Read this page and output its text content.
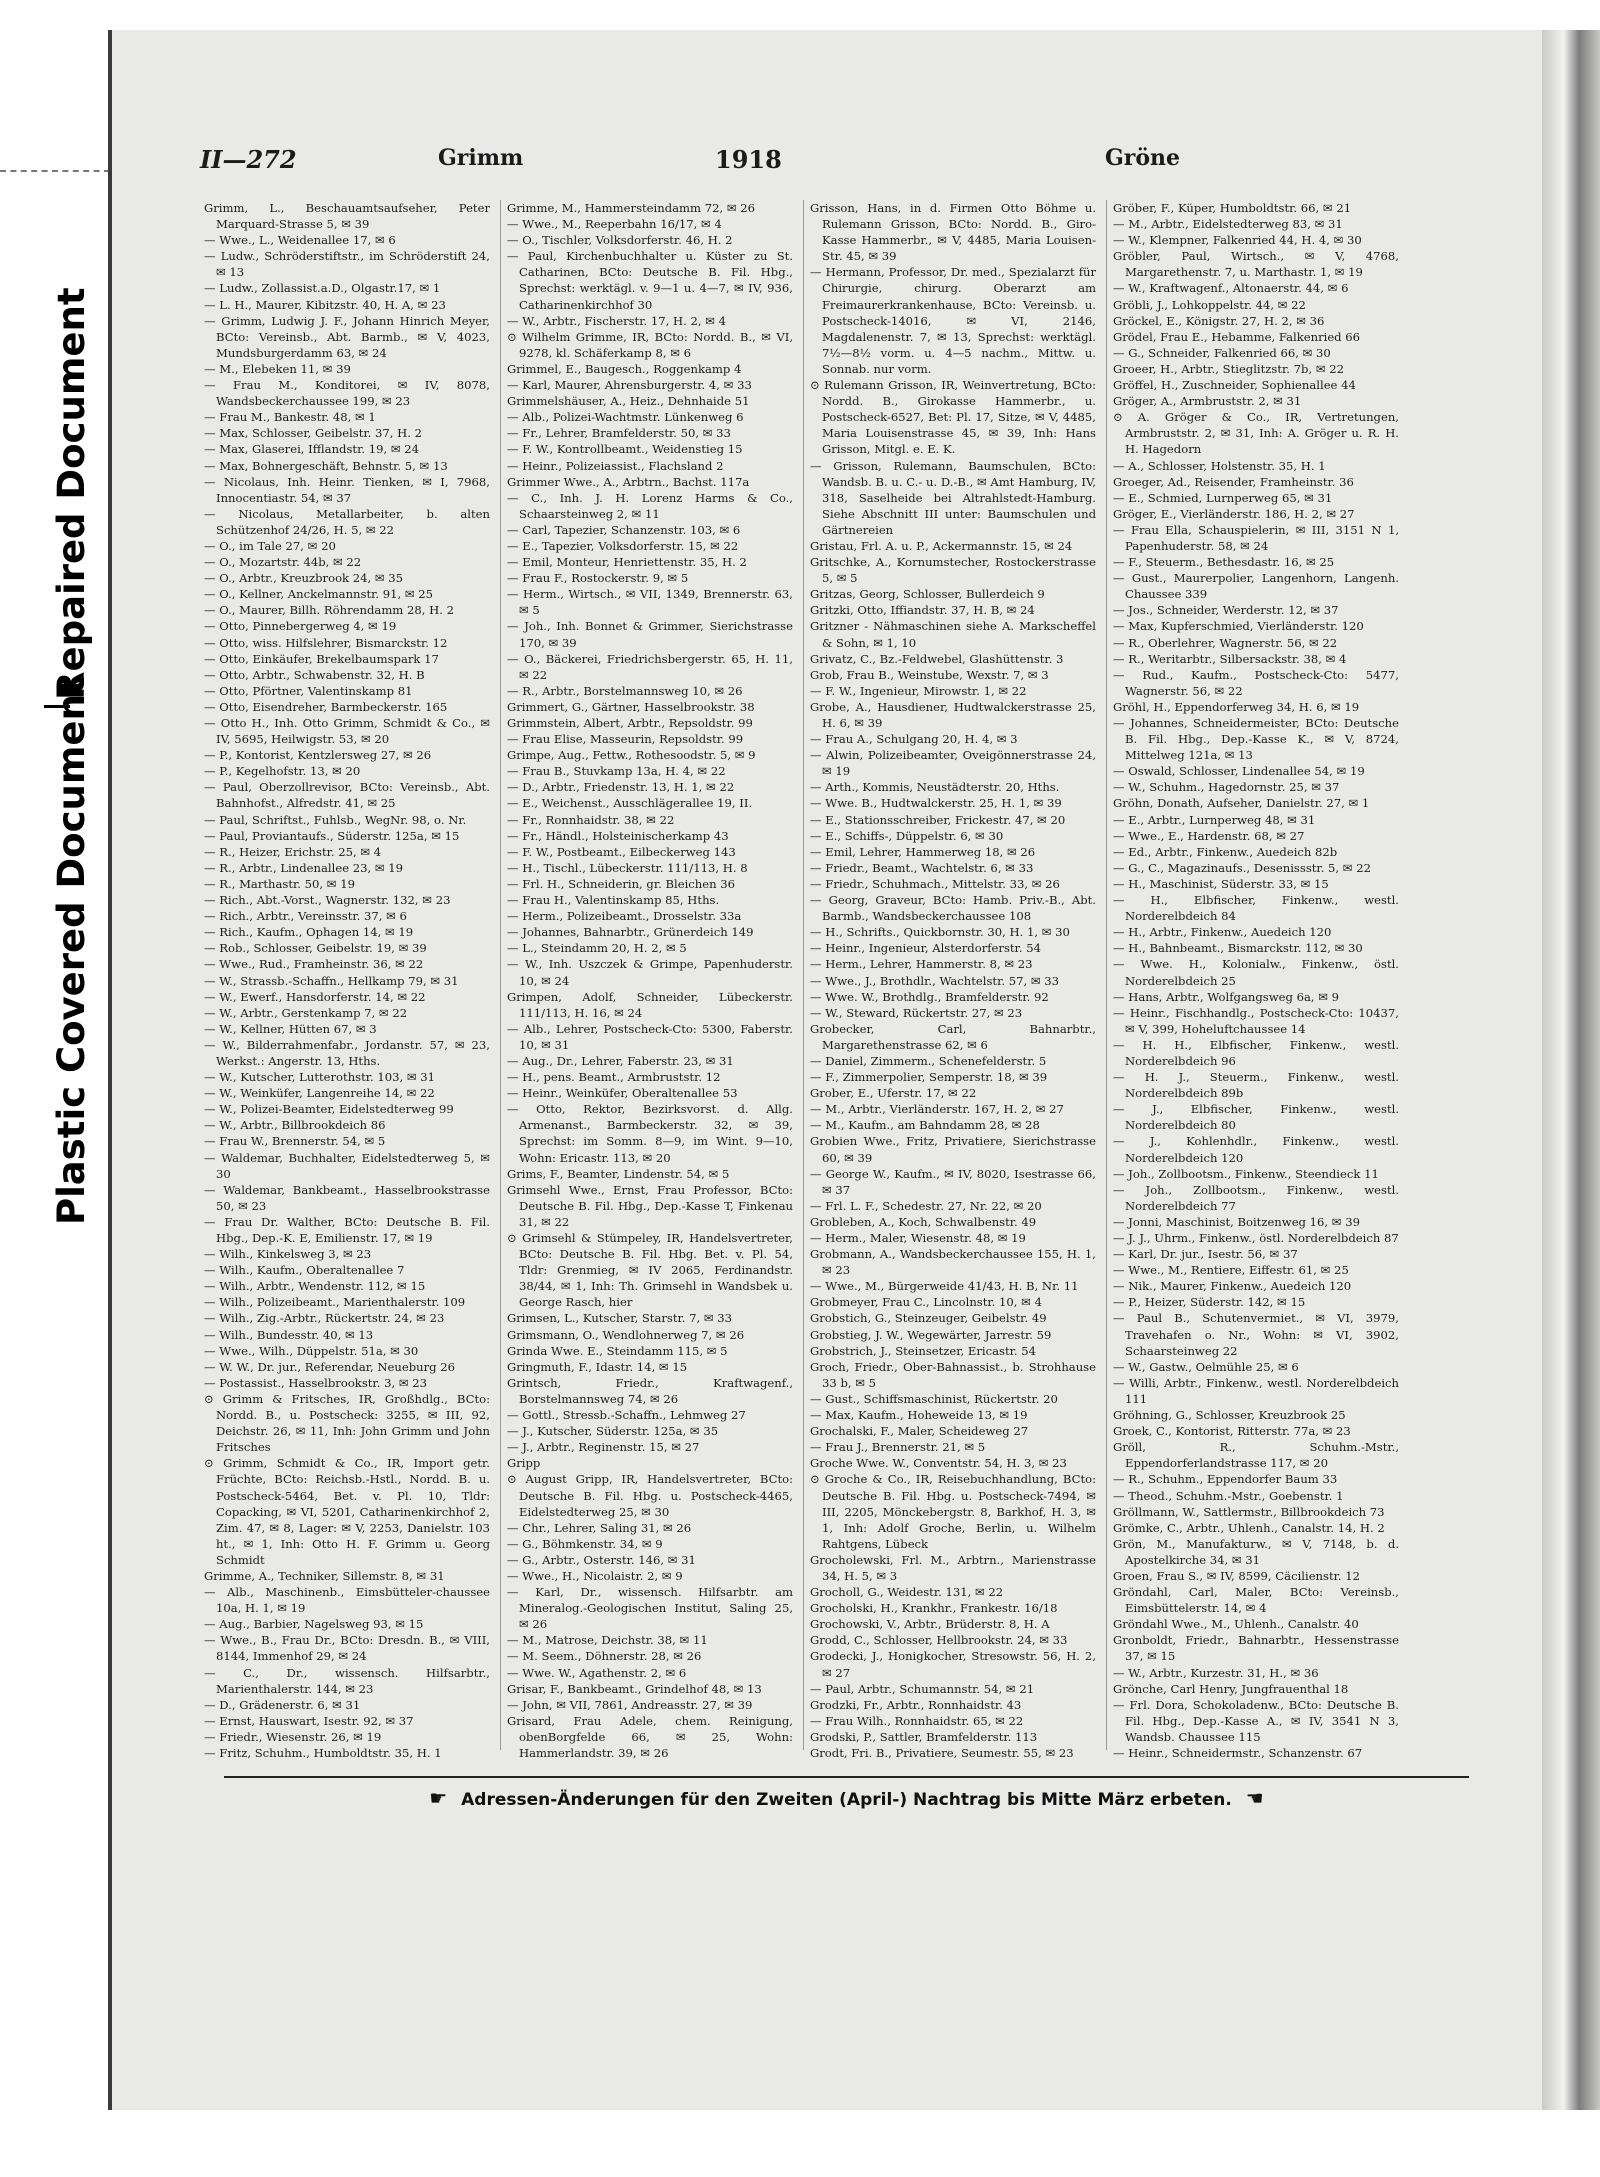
Repaired Document
Plastic Covered Document
II—272	Grimm	1918	Gröne

Grimm, L., Beschauamtsaufseher, Peter Marquard-Strasse 5, ✉ 39

— Wwe., L., Weidenallee 17, ✉ 6

— Ludw., Schröderstiftstr., im Schröderstift 24, ✉ 13

— Ludw., Zollassist.a.D., Olgastr.17, ✉ 1

— L. H., Maurer, Kibitzstr. 40, H. A, ✉ 23

— Grimm, Ludwig J. F., Johann Hinrich Meyer, BCto: Vereinsb., Abt. Barmb., ✉ V, 4023, Mundsburgerdamm 63, ✉ 24

— M., Elebeken 11, ✉ 39

— Frau M., Konditorei, ✉ IV, 8078, Wandsbeckerchaussee 199, ✉ 23

— Frau M., Bankestr. 48, ✉ 1

— Max, Schlosser, Geibelstr. 37, H. 2

— Max, Glaserei, Ifflandstr. 19, ✉ 24

— Max, Bohnergeschäft, Behnstr. 5, ✉ 13

— Nicolaus, Inh. Heinr. Tienken, ✉ I, 7968, Innocentiastr. 54, ✉ 37

— Nicolaus, Metallarbeiter, b. alten Schützenhof 24/26, H. 5, ✉ 22

— O., im Tale 27, ✉ 20

— O., Mozartstr. 44b, ✉ 22

— O., Arbtr., Kreuzbrook 24, ✉ 35

— O., Kellner, Anckelmannstr. 91, ✉ 25

— O., Maurer, Billh. Röhrendamm 28, H. 2

— Otto, Pinnebergerweg 4, ✉ 19

— Otto, wiss. Hilfslehrer, Bismarckstr. 12

— Otto, Einkäufer, Brekelbaumspark 17

— Otto, Arbtr., Schwabenstr. 32, H. B

— Otto, Pförtner, Valentinskamp 81

— Otto, Eisendreher, Barmbeckerstr. 165

— Otto H., Inh. Otto Grimm, Schmidt & Co., ✉ IV, 5695, Heilwigstr. 53, ✉ 20

— P., Kontorist, Kentzlersweg 27, ✉ 26

— P., Kegelhofstr. 13, ✉ 20

— Paul, Oberzollrevisor, BCto: Vereinsb., Abt. Bahnhofst., Alfredstr. 41, ✉ 25

— Paul, Schriftst., Fuhlsb., WegNr. 98, o. Nr.

— Paul, Proviantaufs., Süderstr. 125a, ✉ 15

— R., Heizer, Erichstr. 25, ✉ 4

— R., Arbtr., Lindenallee 23, ✉ 19

— R., Marthastr. 50, ✉ 19

— Rich., Abt.-Vorst., Wagnerstr. 132, ✉ 23

— Rich., Arbtr., Vereinsstr. 37, ✉ 6

— Rich., Kaufm., Ophagen 14, ✉ 19

— Rob., Schlosser, Geibelstr. 19, ✉ 39

— Wwe., Rud., Framheinstr. 36, ✉ 22

— W., Strassb.-Schaffn., Hellkamp 79, ✉ 31

— W., Ewerf., Hansdorferstr. 14, ✉ 22

— W., Arbtr., Gerstenkamp 7, ✉ 22

— W., Kellner, Hütten 67, ✉ 3

— W., Bilderrahmenfabr., Jordanstr. 57, ✉ 23, Werkst.: Angerstr. 13, Hths.

— W., Kutscher, Lutterothstr. 103, ✉ 31

— W., Weinküfer, Langenreihe 14, ✉ 22

— W., Polizei-Beamter, Eidelstedterweg 99

— W., Arbtr., Billbrookdeich 86

— Frau W., Brennerstr. 54, ✉ 5

— Waldemar, Buchhalter, Eidelstedterweg 5, ✉ 30

— Waldemar, Bankbeamt., Hasselbrookstrasse 50, ✉ 23

— Frau Dr. Walther, BCto: Deutsche B. Fil. Hbg., Dep.-K. E, Emilienstr. 17, ✉ 19

— Wilh., Kinkelsweg 3, ✉ 23

— Wilh., Kaufm., Oberaltenallee 7

— Wilh., Arbtr., Wendenstr. 112, ✉ 15

— Wilh., Polizeibeamt., Marienthalerstr. 109

— Wilh., Zig.-Arbtr., Rückertstr. 24, ✉ 23

— Wilh., Bundesstr. 40, ✉ 13

— Wwe., Wilh., Düppelstr. 51a, ✉ 30

— W. W., Dr. jur., Referendar, Neueburg 26

— Postassist., Hasselbrookstr. 3, ✉ 23

⊙ Grimm & Fritsches, IR, Großhdlg., BCto: Nordd. B., u. Postscheck: 3255, ✉ III, 92, Deichstr. 26, ✉ 11, Inh: John Grimm und John Fritsches

⊙ Grimm, Schmidt & Co., IR, Import getr. Früchte, BCto: Reichsb.-Hstl., Nordd. B. u. Postscheck-5464, Bet. v. Pl. 10, Tldr: Copacking, ✉ VI, 5201, Catharinenkirchhof 2, Zim. 47, ✉ 8, Lager: ✉ V, 2253, Danielstr. 103 ht., ✉ 1, Inh: Otto H. F. Grimm u. Georg Schmidt

Grimme, A., Techniker, Sillemstr. 8, ✉ 31

— Alb., Maschinenb., Eimsbütteler-chaussee 10a, H. 1, ✉ 19

— Aug., Barbier, Nagelsweg 93, ✉ 15

— Wwe., B., Frau Dr., BCto: Dresdn. B., ✉ VIII, 8144, Immenhof 29, ✉ 24

— C., Dr., wissensch. Hilfsarbtr., Marienthalerstr. 144, ✉ 23

— D., Grädenerstr. 6, ✉ 31

— Ernst, Hauswart, Isestr. 92, ✉ 37

— Friedr., Wiesenstr. 26, ✉ 19

— Fritz, Schuhm., Humboldtstr. 35, H. 1

Grimme, M., Hammersteindamm 72, ✉ 26

— Wwe., M., Reeperbahn 16/17, ✉ 4

— O., Tischler, Volksdorferstr. 46, H. 2

— Paul, Kirchenbuchhalter u. Küster zu St. Catharinen, BCto: Deutsche B. Fil. Hbg., Sprechst: werktägl. v. 9—1 u. 4—7, ✉ IV, 936, Catharinenkirchhof 30

— W., Arbtr., Fischerstr. 17, H. 2, ✉ 4

⊙ Wilhelm Grimme, IR, BCto: Nordd. B., ✉ VI, 9278, kl. Schäferkamp 8, ✉ 6

Grimmel, E., Baugesch., Roggenkamp 4

— Karl, Maurer, Ahrensburgerstr. 4, ✉ 33

Grimmelshäuser, A., Heiz., Dehnhaide 51

— Alb., Polizei-Wachtmstr. Lünkenweg 6

— Fr., Lehrer, Bramfelderstr. 50, ✉ 33

— F. W., Kontrollbeamt., Weidenstieg 15

— Heinr., Polizeiassist., Flachsland 2

Grimmer Wwe., A., Arbtrn., Bachst. 117a

— C., Inh. J. H. Lorenz Harms & Co., Schaarsteinweg 2, ✉ 11

— Carl, Tapezier, Schanzenstr. 103, ✉ 6

— E., Tapezier, Volksdorferstr. 15, ✉ 22

— Emil, Monteur, Henriettenstr. 35, H. 2

— Frau F., Rostockerstr. 9, ✉ 5

— Herm., Wirtsch., ✉ VII, 1349, Brennerstr. 63, ✉ 5

— Joh., Inh. Bonnet & Grimmer, Sierichstrasse 170, ✉ 39

— O., Bäckerei, Friedrichsbergerstr. 65, H. 11, ✉ 22

— R., Arbtr., Borstelmannsweg 10, ✉ 26

Grimmert, G., Gärtner, Hasselbrookstr. 38

Grimmstein, Albert, Arbtr., Repsoldstr. 99

— Frau Elise, Masseurin, Repsoldstr. 99

Grimpe, Aug., Fettw., Rothesoodstr. 5, ✉ 9

— Frau B., Stuvkamp 13a, H. 4, ✉ 22

— D., Arbtr., Friedenstr. 13, H. 1, ✉ 22

— E., Weichenst., Ausschlägerallee 19, II.

— Fr., Ronnhaidstr. 38, ✉ 22

— Fr., Händl., Holsteinischerkamp 43

— F. W., Postbeamt., Eilbeckerweg 143

— H., Tischl., Lübeckerstr. 111/113, H. 8

— Frl. H., Schneiderin, gr. Bleichen 36

— Frau H., Valentinskamp 85, Hths.

— Herm., Polizeibeamt., Drosselstr. 33a

— Johannes, Bahnarbtr., Grünerdeich 149

— L., Steindamm 20, H. 2, ✉ 5

— W., Inh. Uszczek & Grimpe, Papenhuderstr. 10, ✉ 24

Grimpen, Adolf, Schneider, Lübeckerstr. 111/113, H. 16, ✉ 24

— Alb., Lehrer, Postscheck-Cto: 5300, Faberstr. 10, ✉ 31

— Aug., Dr., Lehrer, Faberstr. 23, ✉ 31

— H., pens. Beamt., Armbruststr. 12

— Heinr., Weinküfer, Oberaltenallee 53

— Otto, Rektor, Bezirksvorst. d. Allg. Armenanst., Barmbeckerstr. 32, ✉ 39, Sprechst: im Somm. 8—9, im Wint. 9—10, Wohn: Ericastr. 113, ✉ 20

Grims, F., Beamter, Lindenstr. 54, ✉ 5

Grimsehl Wwe., Ernst, Frau Professor, BCto: Deutsche B. Fil. Hbg., Dep.-Kasse T, Finkenau 31, ✉ 22

⊙ Grimsehl & Stümpeley, IR, Handelsvertreter, BCto: Deutsche B. Fil. Hbg. Bet. v. Pl. 54, Tldr: Grenmieg, ✉ IV 2065, Ferdinandstr. 38/44, ✉ 1, Inh: Th. Grimsehl in Wandsbek u. George Rasch, hier

Grimsen, L., Kutscher, Starstr. 7, ✉ 33

Grimsmann, O., Wendlohnerweg 7, ✉ 26

Grinda Wwe. E., Steindamm 115, ✉ 5

Gringmuth, F., Idastr. 14, ✉ 15

Grintsch, Friedr., Kraftwagenf., Borstelmannsweg 74, ✉ 26

— Gottl., Stressb.-Schaffn., Lehmweg 27

— J., Kutscher, Süderstr. 125a, ✉ 35

— J., Arbtr., Reginenstr. 15, ✉ 27

Gripp

⊙ August Gripp, IR, Handelsvertreter, BCto: Deutsche B. Fil. Hbg. u. Postscheck-4465, Eidelstedterweg 25, ✉ 30

— Chr., Lehrer, Saling 31, ✉ 26

— G., Böhmkenstr. 34, ✉ 9

— G., Arbtr., Osterstr. 146, ✉ 31

— Wwe., H., Nicolaistr. 2, ✉ 9

— Karl, Dr., wissensch. Hilfsarbtr. am Mineralog.-Geologischen Institut, Saling 25, ✉ 26

— M., Matrose, Deichstr. 38, ✉ 11

— M. Seem., Döhnerstr. 28, ✉ 26

— Wwe. W., Agathenstr. 2, ✉ 6

Grisar, F., Bankbeamt., Grindelhof 48, ✉ 13

— John, ✉ VII, 7861, Andreasstr. 27, ✉ 39

Grisard, Frau Adele, chem. Reinigung, obenBorgfelde 66, ✉ 25, Wohn: Hammerlandstr. 39, ✉ 26

Grisson, Hans, in d. Firmen Otto Böhme u. Rulemann Grisson, BCto: Nordd. B., Giro-Kasse Hammerbr., ✉ V, 4485, Maria Louisen-Str. 45, ✉ 39

— Hermann, Professor, Dr. med., Spezialarzt für Chirurgie, chirurg. Oberarzt am Freimaurerkrankenhause, BCto: Vereinsb. u. Postscheck-14016, ✉ VI, 2146, Magdalenenstr. 7, ✉ 13, Sprechst: werktägl. 7½—8½ vorm. u. 4—5 nachm., Mittw. u. Sonnab. nur vorm.

⊙ Rulemann Grisson, IR, Weinvertretung, BCto: Nordd. B., Girokasse Hammerbr., u. Postscheck-6527, Bet: Pl. 17, Sitze, ✉ V, 4485, Maria Louisenstrasse 45, ✉ 39, Inh: Hans Grisson, Mitgl. e. E. K.

— Grisson, Rulemann, Baumschulen, BCto: Wandsb. B. u. C.- u. D.-B., ✉ Amt Hamburg, IV, 318, Saselheide bei Altrahlstedt-Hamburg. Siehe Abschnitt III unter: Baumschulen und Gärtnereien

Gristau, Frl. A. u. P., Ackermannstr. 15, ✉ 24

Gritschke, A., Kornumstecher, Rostockerstrasse 5, ✉ 5

Gritzas, Georg, Schlosser, Bullerdeich 9

Gritzki, Otto, Iffiandstr. 37, H. B, ✉ 24

Gritzner - Nähmaschinen siehe A. Markscheffel & Sohn, ✉ 1, 10

Grivatz, C., Bz.-Feldwebel, Glashüttenstr. 3

Grob, Frau B., Weinstube, Wexstr. 7, ✉ 3

— F. W., Ingenieur, Mirowstr. 1, ✉ 22

Grobe, A., Hausdiener, Hudtwalckerstrasse 25, H. 6, ✉ 39

— Frau A., Schulgang 20, H. 4, ✉ 3

— Alwin, Polizeibeamter, Oveigönnerstrasse 24, ✉ 19

— Arth., Kommis, Neustädterstr. 20, Hths.

— Wwe. B., Hudtwalckerstr. 25, H. 1, ✉ 39

— E., Stationsschreiber, Frickestr. 47, ✉ 20

— E., Schiffs-, Düppelstr. 6, ✉ 30

— Emil, Lehrer, Hammerweg 18, ✉ 26

— Friedr., Beamt., Wachtelstr. 6, ✉ 33

— Friedr., Schuhmach., Mittelstr. 33, ✉ 26

— Georg, Graveur, BCto: Hamb. Priv.-B., Abt. Barmb., Wandsbeckerchaussee 108

— H., Schrifts., Quickbornstr. 30, H. 1, ✉ 30

— Heinr., Ingenieur, Alsterdorferstr. 54

— Herm., Lehrer, Hammerstr. 8, ✉ 23

— Wwe., J., Brothdlr., Wachtelstr. 57, ✉ 33

— Wwe. W., Brothdlg., Bramfelderstr. 92

— W., Steward, Rückertstr. 27, ✉ 23

Grobecker, Carl, Bahnarbtr., Margarethenstrasse 62, ✉ 6

— Daniel, Zimmerm., Schenefelderstr. 5

— F., Zimmerpolier, Semperstr. 18, ✉ 39

Grober, E., Uferstr. 17, ✉ 22

— M., Arbtr., Vierländerstr. 167, H. 2, ✉ 27

— M., Kaufm., am Bahndamm 28, ✉ 28

Grobien Wwe., Fritz, Privatiere, Sierichstrasse 60, ✉ 39

— George W., Kaufm., ✉ IV, 8020, Isestrasse 66, ✉ 37

— Frl. L. F., Schedestr. 27, Nr. 22, ✉ 20

Grobleben, A., Koch, Schwalbenstr. 49

— Herm., Maler, Wiesenstr. 48, ✉ 19

Grobmann, A., Wandsbeckerchaussee 155, H. 1, ✉ 23

— Wwe., M., Bürgerweide 41/43, H. B, Nr. 11

Grobmeyer, Frau C., Lincolnstr. 10, ✉ 4

Grobstich, G., Steinzeuger, Geibelstr. 49

Grobstieg, J. W., Wegewärter, Jarrestr. 59

Grobstrich, J., Steinsetzer, Ericastr. 54

Groch, Friedr., Ober-Bahnassist., b. Strohhause 33 b, ✉ 5

— Gust., Schiffsmaschinist, Rückertstr. 20

— Max, Kaufm., Hoheweide 13, ✉ 19

Grochalski, F., Maler, Scheideweg 27

— Frau J., Brennerstr. 21, ✉ 5

Groche Wwe. W., Conventstr. 54, H. 3, ✉ 23

⊙ Groche & Co., IR, Reisebuchhandlung, BCto: Deutsche B. Fil. Hbg. u. Postscheck-7494, ✉ III, 2205, Mönckebergstr. 8, Barkhof, H. 3, ✉ 1, Inh: Adolf Groche, Berlin, u. Wilhelm Rahtgens, Lübeck

Grocholewski, Frl. M., Arbtrn., Marienstrasse 34, H. 5, ✉ 3

Grocholl, G., Weidestr. 131, ✉ 22

Grocholski, H., Krankhr., Frankestr. 16/18

Grochowski, V., Arbtr., Brüderstr. 8, H. A

Grodd, C., Schlosser, Hellbrookstr. 24, ✉ 33

Grodecki, J., Honigkocher, Stresowstr. 56, H. 2, ✉ 27

— Paul, Arbtr., Schumannstr. 54, ✉ 21

Grodzki, Fr., Arbtr., Ronnhaidstr. 43

— Frau Wilh., Ronnhaidstr. 65, ✉ 22

Grodski, P., Sattler, Bramfelderstr. 113

Grodt, Fri. B., Privatiere, Seumestr. 55, ✉ 23

Gröber, F., Küper, Humboldtstr. 66, ✉ 21

— M., Arbtr., Eidelstedterweg 83, ✉ 31

— W., Klempner, Falkenried 44, H. 4, ✉ 30

Gröbler, Paul, Wirtsch., ✉ V, 4768, Margarethenstr. 7, u. Marthastr. 1, ✉ 19

— W., Kraftwagenf., Altonaerstr. 44, ✉ 6

Gröbli, J., Lohkoppelstr. 44, ✉ 22

Gröckel, E., Königstr. 27, H. 2, ✉ 36

Grödel, Frau E., Hebamme, Falkenried 66

— G., Schneider, Falkenried 66, ✉ 30

Groeer, H., Arbtr., Stieglitzstr. 7b, ✉ 22

Gröffel, H., Zuschneider, Sophienallee 44

Gröger, A., Armbruststr. 2, ✉ 31

⊙ A. Gröger & Co., IR, Vertretungen, Armbruststr. 2, ✉ 31, Inh: A. Gröger u. R. H. H. Hagedorn

— A., Schlosser, Holstenstr. 35, H. 1

Groeger, Ad., Reisender, Framheinstr. 36

— E., Schmied, Lurnperweg 65, ✉ 31

Gröger, E., Vierländerstr. 186, H. 2, ✉ 27

— Frau Ella, Schauspielerin, ✉ III, 3151 N 1, Papenhuderstr. 58, ✉ 24

— F., Steuerm., Bethesdastr. 16, ✉ 25

— Gust., Maurerpolier, Langenhorn, Langenh. Chaussee 339

— Jos., Schneider, Werderstr. 12, ✉ 37

— Max, Kupferschmied, Vierländerstr. 120

— R., Oberlehrer, Wagnerstr. 56, ✉ 22

— R., Weritarbtr., Silbersackstr. 38, ✉ 4

— Rud., Kaufm., Postscheck-Cto: 5477, Wagnerstr. 56, ✉ 22

Gröhl, H., Eppendorferweg 34, H. 6, ✉ 19

— Johannes, Schneidermeister, BCto: Deutsche B. Fil. Hbg., Dep.-Kasse K., ✉ V, 8724, Mittelweg 121a, ✉ 13

— Oswald, Schlosser, Lindenallee 54, ✉ 19

— W., Schuhm., Hagedornstr. 25, ✉ 37

Gröhn, Donath, Aufseher, Danielstr. 27, ✉ 1

— E., Arbtr., Lurnperweg 48, ✉ 31

— Wwe., E., Hardenstr. 68, ✉ 27

— Ed., Arbtr., Finkenw., Auedeich 82b

— G., C., Magazinaufs., Desenissstr. 5, ✉ 22

— H., Maschinist, Süderstr. 33, ✉ 15

— H., Elbfischer, Finkenw., westl. Norderelbdeich 84

— H., Arbtr., Finkenw., Auedeich 120

— H., Bahnbeamt., Bismarckstr. 112, ✉ 30

— Wwe. H., Kolonialw., Finkenw., östl. Norderelbdeich 25

— Hans, Arbtr., Wolfgangsweg 6a, ✉ 9

— Heinr., Fischhandlg., Postscheck-Cto: 10437, ✉ V, 399, Hoheluftchaussee 14

— H. H., Elbfischer, Finkenw., westl. Norderelbdeich 96

— H. J., Steuerm., Finkenw., westl. Norderelbdeich 89b

— J., Elbfischer, Finkenw., westl. Norderelbdeich 80

— J., Kohlenhdlr., Finkenw., westl. Norderelbdeich 120

— Joh., Zollbootsm., Finkenw., Steendieck 11

— Joh., Zollbootsm., Finkenw., westl. Norderelbdeich 77

— Jonni, Maschinist, Boitzenweg 16, ✉ 39

— J. J., Uhrm., Finkenw., östl. Norderelbdeich 87

— Karl, Dr. jur., Isestr. 56, ✉ 37

— Wwe., M., Rentiere, Eiffestr. 61, ✉ 25

— Nik., Maurer, Finkenw., Auedeich 120

— P., Heizer, Süderstr. 142, ✉ 15

— Paul B., Schutenvermiet., ✉ VI, 3979, Travehafen o. Nr., Wohn: ✉ VI, 3902, Schaarsteinweg 22

— W., Gastw., Oelmühle 25, ✉ 6

— Willi, Arbtr., Finkenw., westl. Norderelbdeich 111

Gröhning, G., Schlosser, Kreuzbrook 25

Groek, C., Kontorist, Ritterstr. 77a, ✉ 23

Gröll, R., Schuhm.-Mstr., Eppendorferlandstrasse 117, ✉ 20

— R., Schuhm., Eppendorfer Baum 33

— Theod., Schuhm.-Mstr., Goebenstr. 1

Gröllmann, W., Sattlermstr., Billbrookdeich 73

Grömke, C., Arbtr., Uhlenh., Canalstr. 14, H. 2

Grön, M., Manufakturw., ✉ V, 7148, b. d. Apostelkirche 34, ✉ 31

Groen, Frau S., ✉ IV, 8599, Cäcilienstr. 12

Gröndahl, Carl, Maler, BCto: Vereinsb., Eimsbüttelerstr. 14, ✉ 4

Gröndahl Wwe., M., Uhlenh., Canalstr. 40

Gronboldt, Friedr., Bahnarbtr., Hessenstrasse 37, ✉ 15

— W., Arbtr., Kurzestr. 31, H., ✉ 36

Grönche, Carl Henry, Jungfrauenthal 18

— Frl. Dora, Schokoladenw., BCto: Deutsche B. Fil. Hbg., Dep.-Kasse A., ✉ IV, 3541 N 3, Wandsb. Chaussee 115

— Heinr., Schneidermstr., Schanzenstr. 67

☛ Adressen-Änderungen für den Zweiten (April-) Nachtrag bis Mitte März erbeten. ☚
